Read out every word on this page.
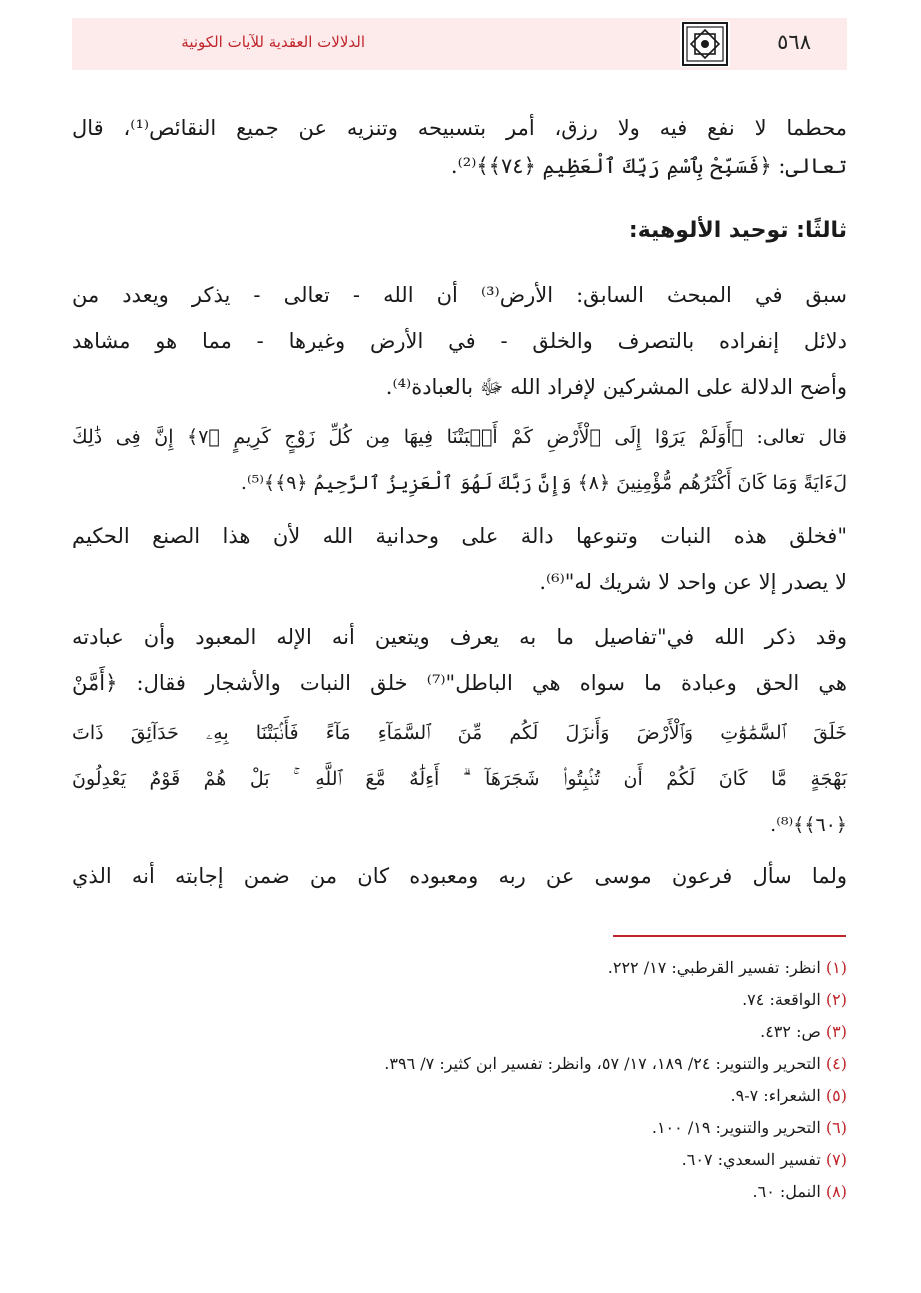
الدلالات العقدية للآيات الكونية	٥٦٨
محطما لا نفع فيه ولا رزق، أمر بتسبيحه وتنزيه عن جميع النقائص⁽¹⁾، قال
تعالى: ﴿فَسَبِّحْ بِٱسْمِ رَبِّكَ ٱلْعَظِيمِ ﴿٧٤﴾﴾⁽²⁾.
ثالثًا: توحيد الألوهية:
سبق في المبحث السابق: الأرض⁽³⁾ أن الله - تعالى - يذكر ويعدد من
دلائل إنفراده بالتصرف والخلق - في الأرض وغيرها - مما هو مشاهد
وأضح الدلالة على المشركين لإفراد الله ﷻ بالعبادة⁽⁴⁾.
قال تعالى: ﴿أَوَلَمْ يَرَوْا إِلَى ٱلْأَرْضِ كَمْ أَنۢبَتْنَا فِيهَا مِن كُلِّ زَوْجٍ كَرِيمٍ ﴿٧﴾ إِنَّ فِى ذَٰلِكَ
لَءَايَةً وَمَا كَانَ أَكْثَرُهُم مُّؤْمِنِينَ ﴿٨﴾ وَإِنَّ رَبَّكَ لَهُوَ ٱلْعَزِيزُ ٱلرَّحِيمُ ﴿٩﴾﴾⁽⁵⁾.
"فخلق هذه النبات وتنوعها دالة على وحدانية الله لأن هذا الصنع الحكيم
لا يصدر إلا عن واحد لا شريك له"⁽⁶⁾.
وقد ذكر الله في"تفاصيل ما به يعرف ويتعين أنه الإله المعبود وأن عبادته
هي الحق وعبادة ما سواه هي الباطل"⁽⁷⁾ خلق النبات والأشجار فقال: ﴿أَمَّنْ
خَلَقَ ٱلسَّمَٰوَٰتِ وَٱلْأَرْضَ وَأَنزَلَ لَكُم مِّنَ ٱلسَّمَآءِ مَآءً فَأَنۢبَتْنَا بِهِۦ حَدَآئِقَ ذَاتَ
بَهْجَةٍ مَّا كَانَ لَكُمْ أَن تُنۢبِتُوا۟ شَجَرَهَآ ۗ أَءِلَٰهٌ مَّعَ ٱللَّهِ ۚ بَلْ هُمْ قَوْمٌ يَعْدِلُونَ
﴿٦٠﴾﴾⁽⁸⁾.
ولما سأل فرعون موسى عن ربه ومعبوده كان من ضمن إجابته أنه الذي
(١) انظر: تفسير القرطبي: ١٧/ ٢٢٢.
(٢) الواقعة: ٧٤.
(٣) ص: ٤٣٢.
(٤) التحرير والتنوير: ٢٤/ ١٨٩، ١٧/ ٥٧، وانظر: تفسير ابن كثير: ٧/ ٣٩٦.
(٥) الشعراء: ٧-٩.
(٦) التحرير والتنوير: ١٩/ ١٠٠.
(٧) تفسير السعدي: ٦٠٧.
(٨) النمل: ٦٠.
